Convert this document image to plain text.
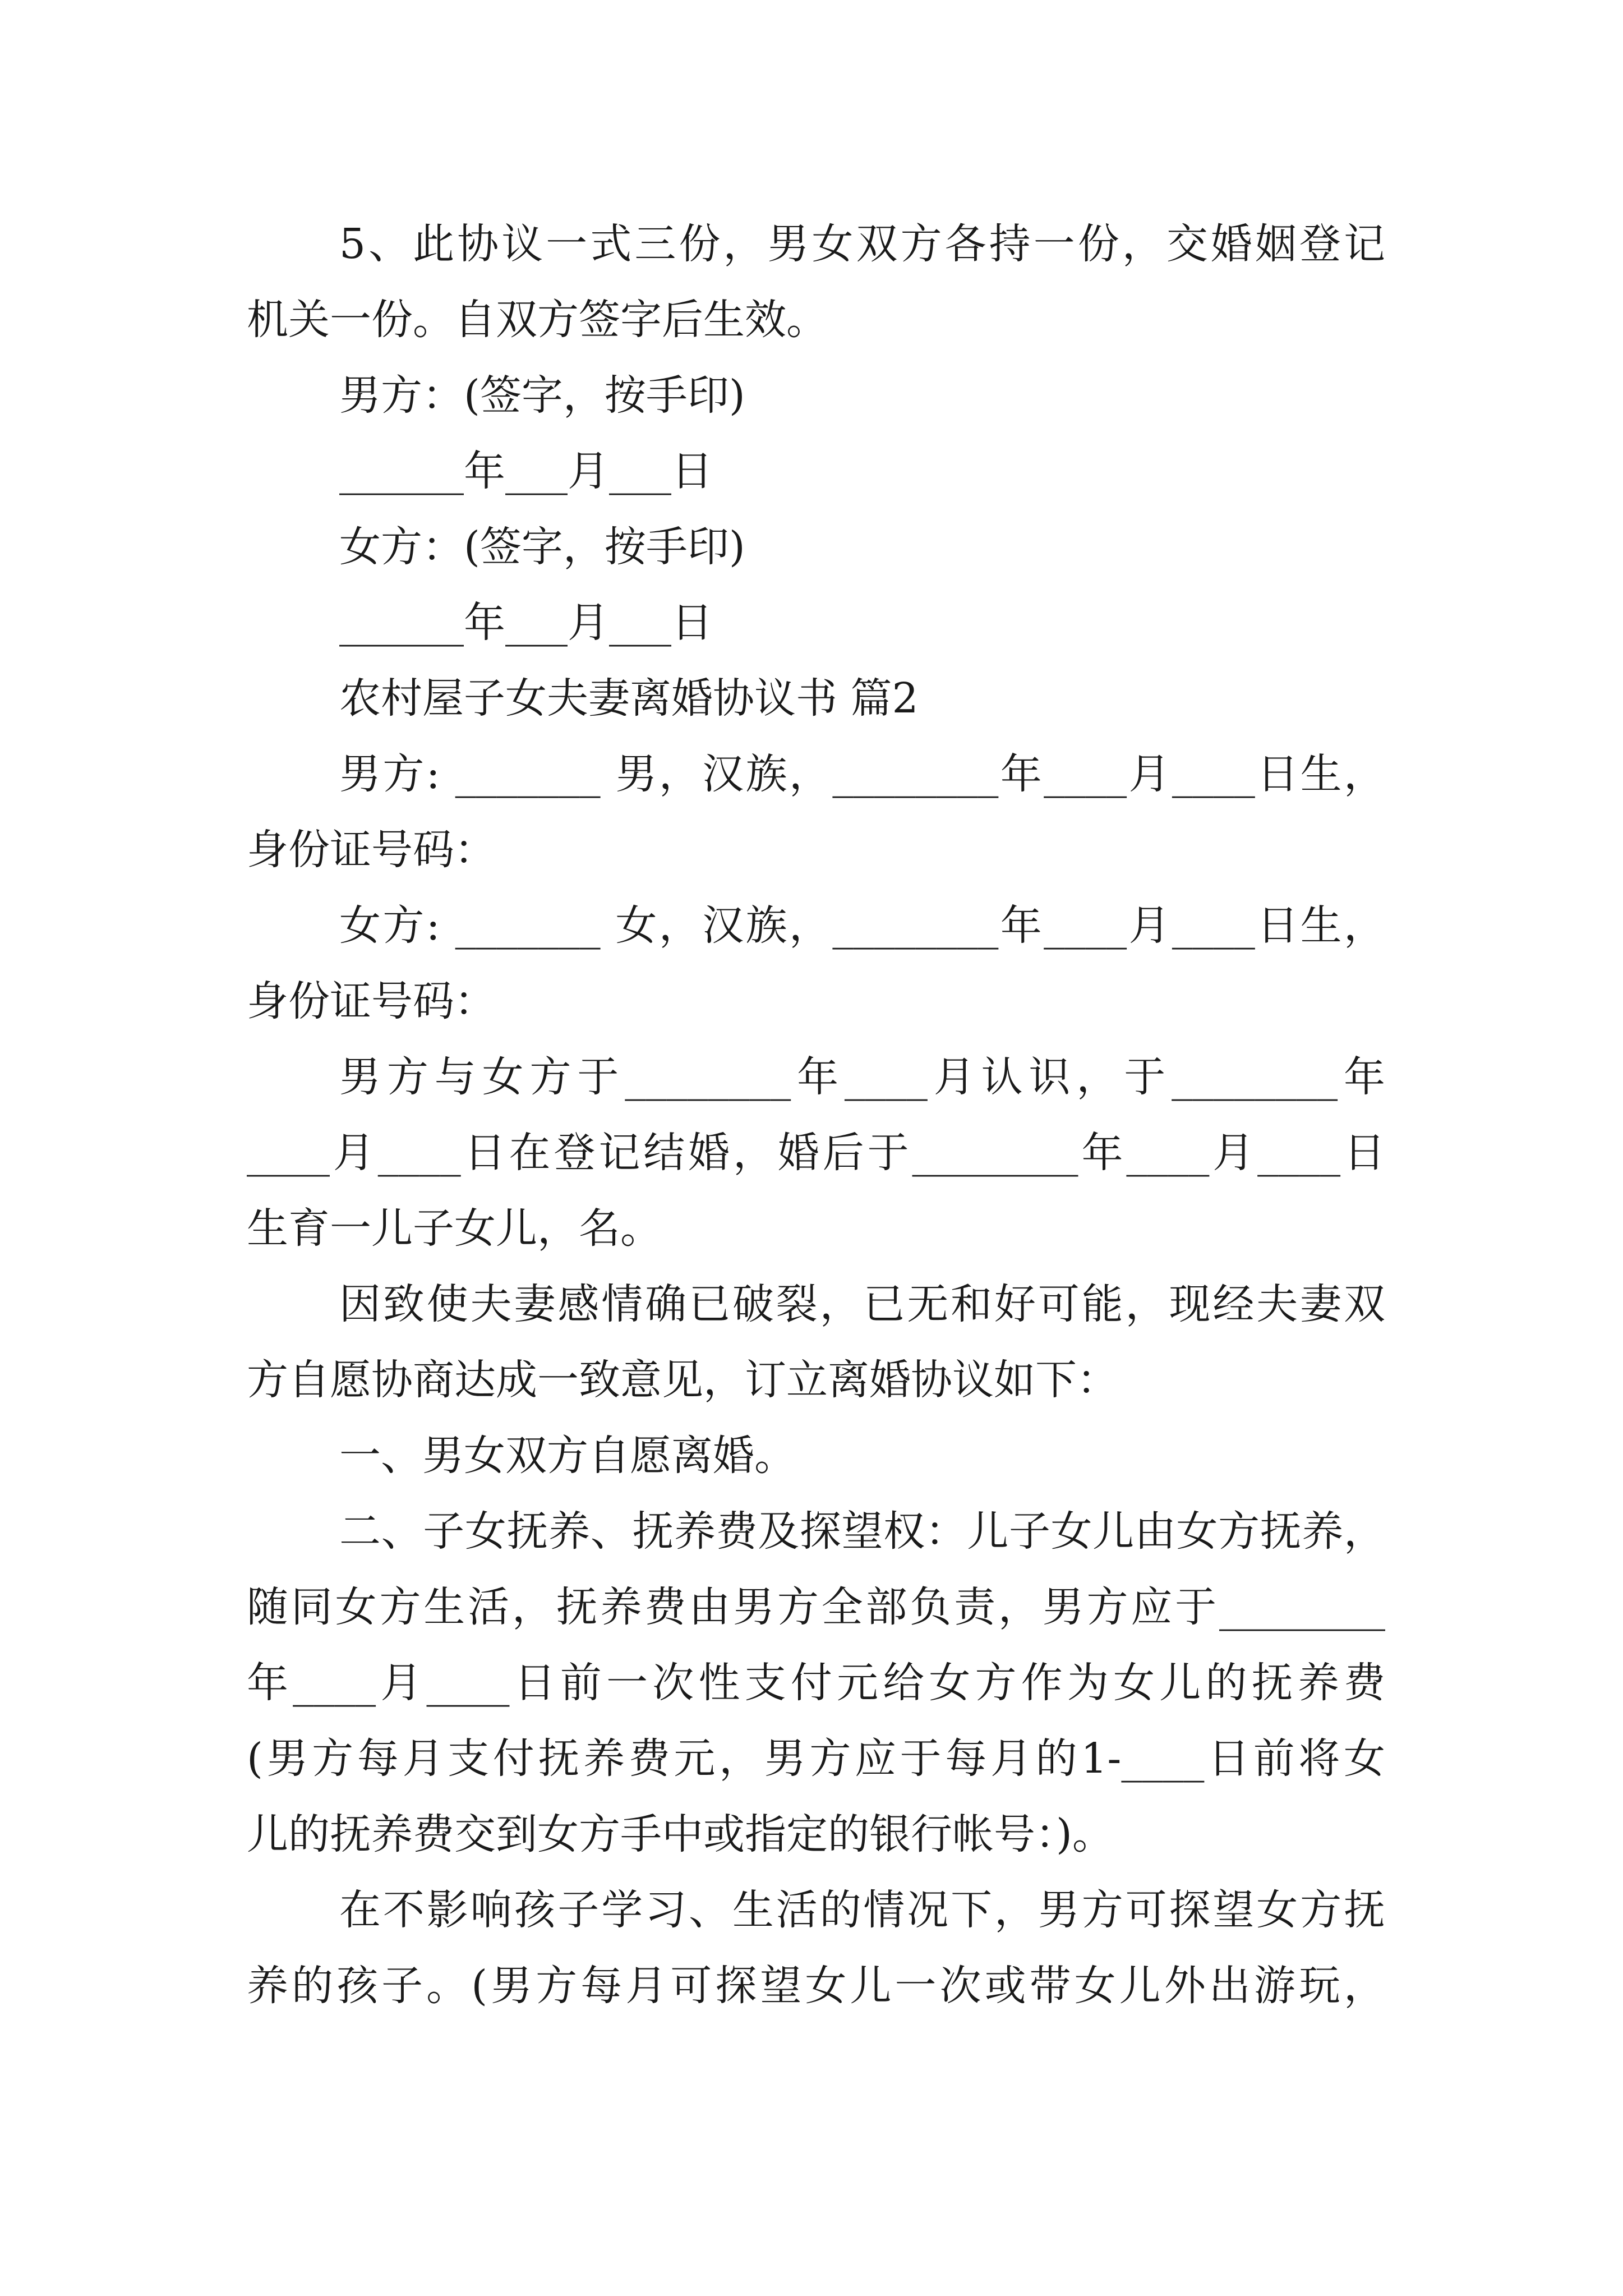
5、此协议一式三份，男女双方各持一份，交婚姻登记

机关一份。自双方签字后生效。

男方：(签字，按手印)

______年___月___日

女方：(签字，按手印)

______年___月___日

农村屋子女夫妻离婚协议书 篇2

男方: _______ 男，汉族，________年____月____日生，

身份证号码：

女方: _______ 女，汉族，________年____月____日生，

身份证号码：

男方与女方于________年____月认识，于________年

____月____日在登记结婚，婚后于________年____月____日

生育一儿子女儿，名。

因致使夫妻感情确已破裂，已无和好可能，现经夫妻双

方自愿协商达成一致意见，订立离婚协议如下：

一、男女双方自愿离婚。

二、子女抚养、抚养费及探望权：儿子女儿由女方抚养，

随同女方生活，抚养费由男方全部负责，男方应于________

年____月____日前一次性支付元给女方作为女儿的抚养费

(男方每月支付抚养费元，男方应于每月的1-____日前将女

儿的抚养费交到女方手中或指定的银行帐号：)。

在不影响孩子学习、生活的情况下，男方可探望女方抚

养的孩子。(男方每月可探望女儿一次或带女儿外出游玩，
